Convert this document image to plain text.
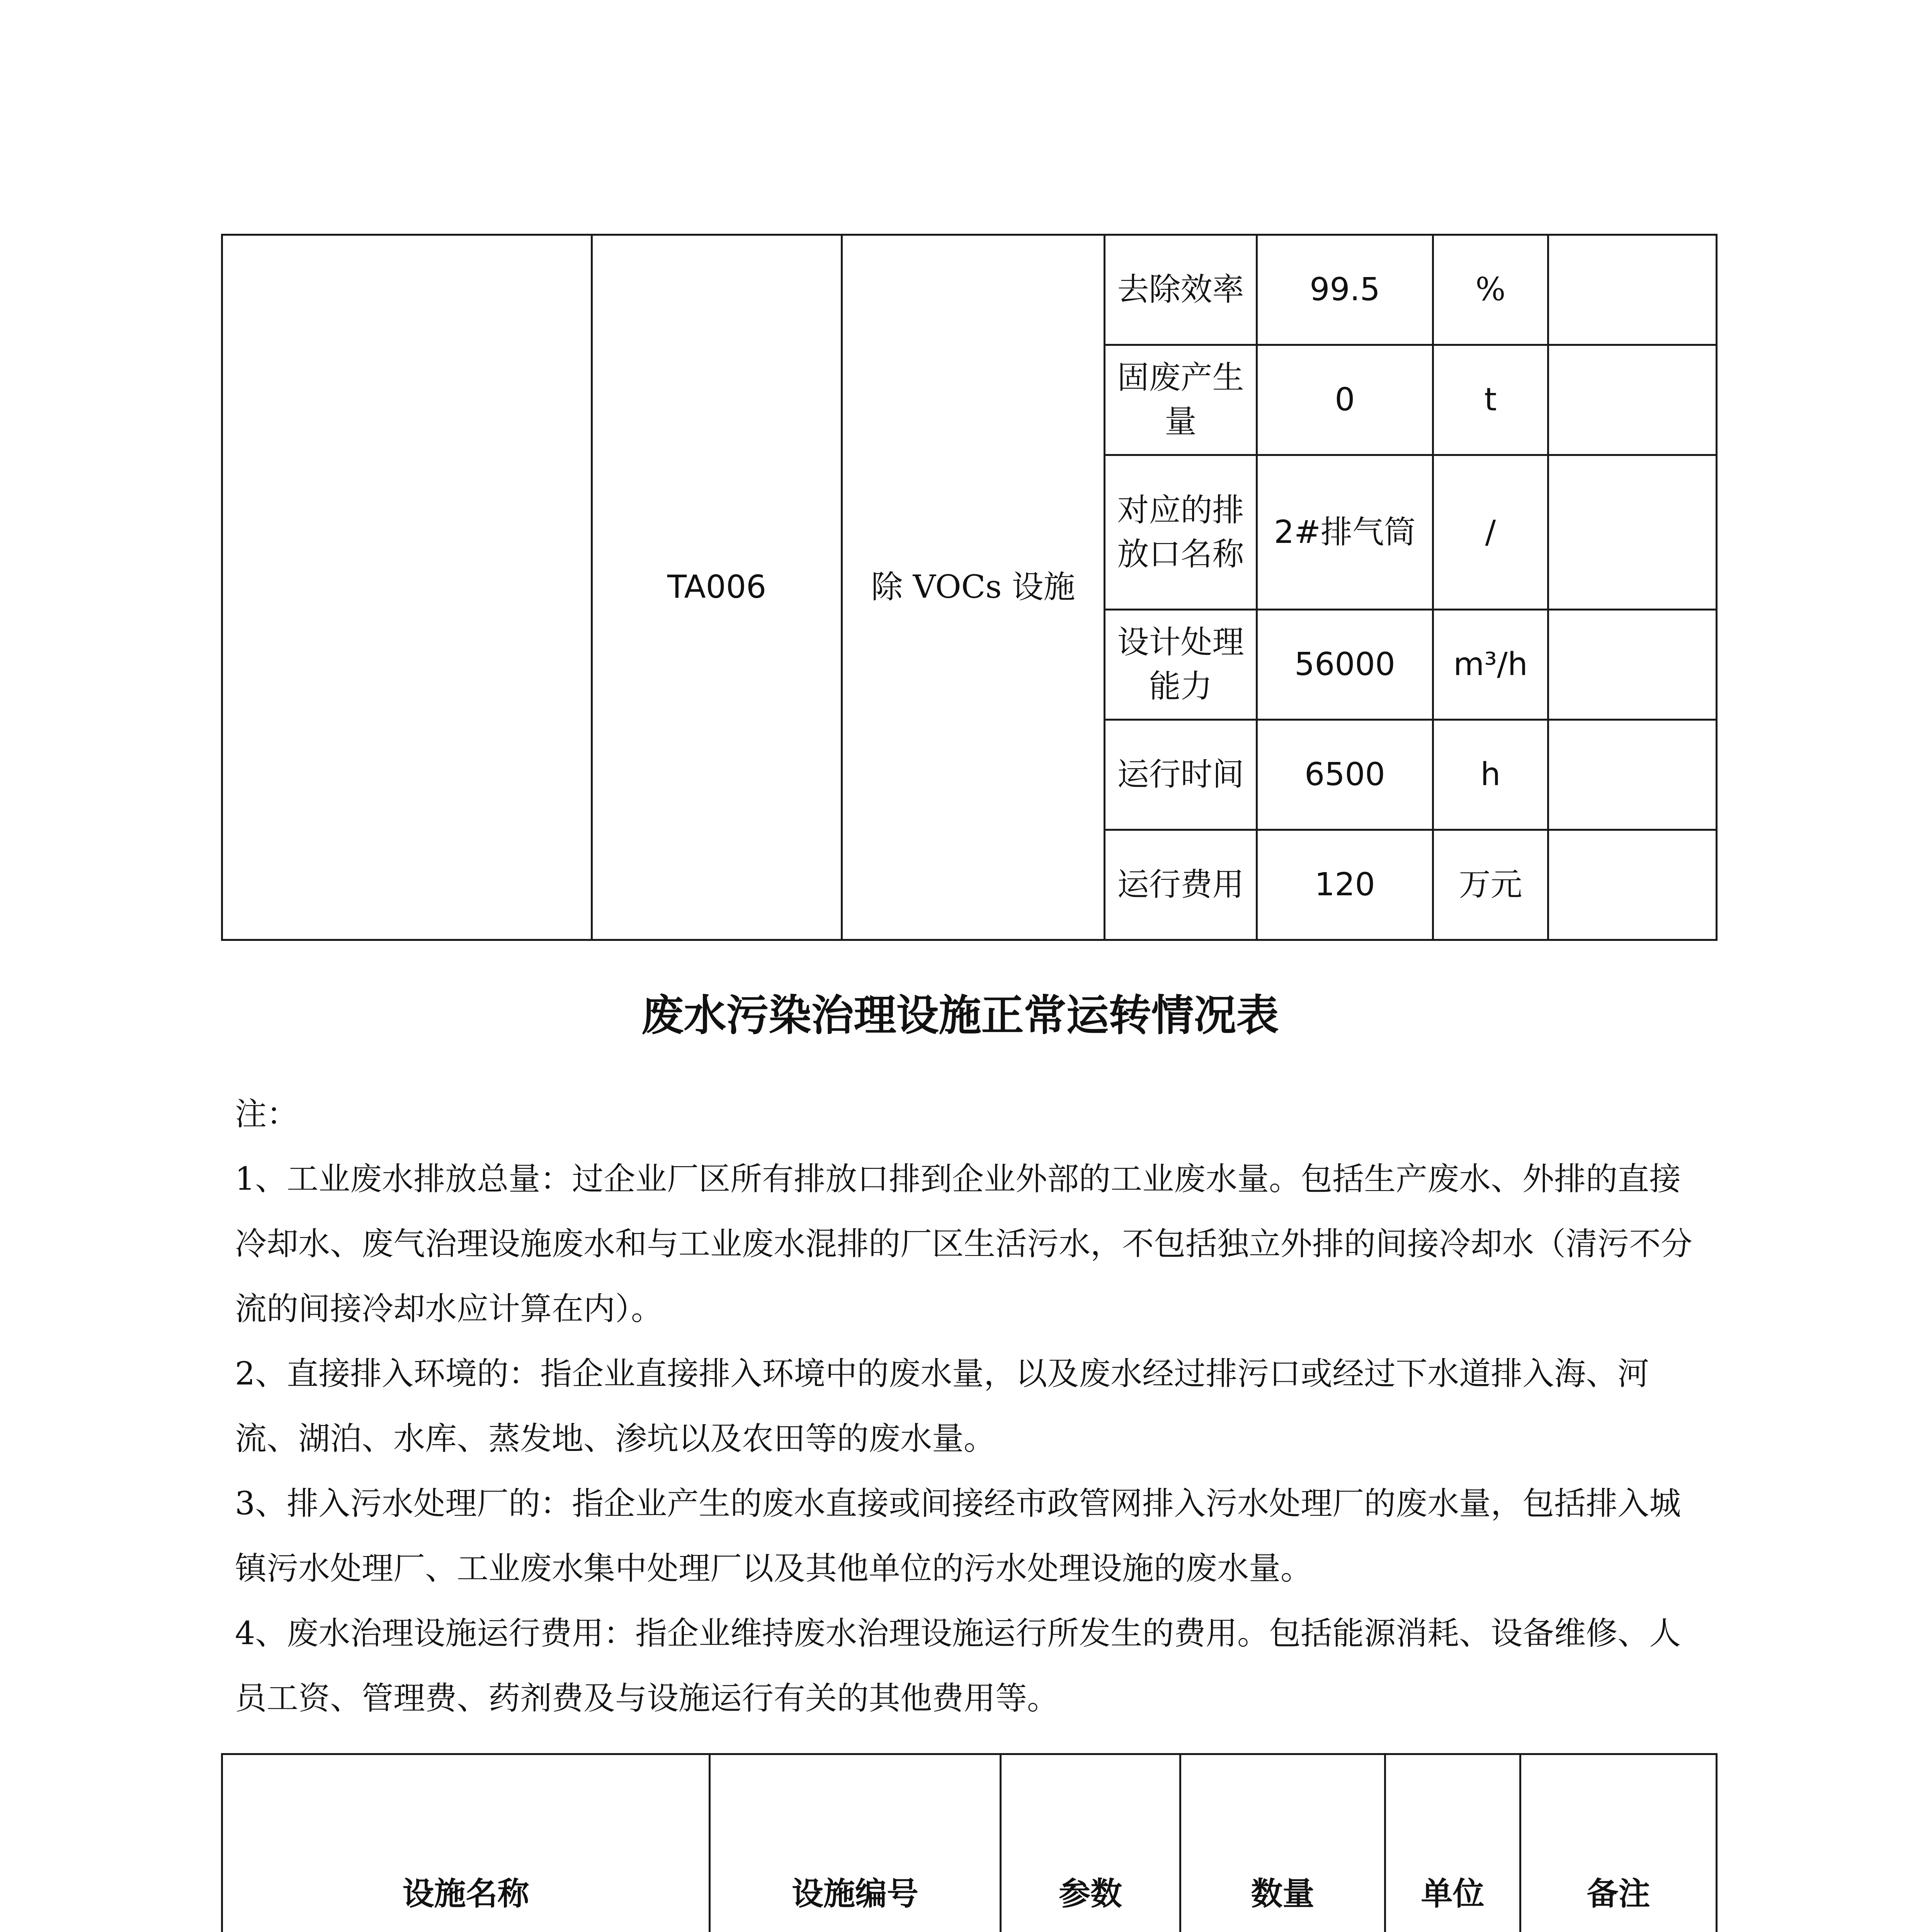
	TA006	除 VOCs 设施	去除效率	99.5	%	
			固废产生量	0	t	
			对应的排放口名称	2#排气筒	/	
			设计处理能力	56000	m³/h	
			运行时间	6500	h	
			运行费用	120	万元	
废水污染治理设施正常运转情况表

注：

1、工业废水排放总量：过企业厂区所有排放口排到企业外部的工业废水量。包括生产废水、外排的直接冷却水、废气治理设施废水和与工业废水混排的厂区生活污水，不包括独立外排的间接冷却水（清污不分流的间接冷却水应计算在内）。

2、直接排入环境的：指企业直接排入环境中的废水量，以及废水经过排污口或经过下水道排入海、河流、湖泊、水库、蒸发地、渗坑以及农田等的废水量。

3、排入污水处理厂的：指企业产生的废水直接或间接经市政管网排入污水处理厂的废水量，包括排入城镇污水处理厂、工业废水集中处理厂以及其他单位的污水处理设施的废水量。

4、废水治理设施运行费用：指企业维持废水治理设施运行所发生的费用。包括能源消耗、设备维修、人员工资、管理费、药剂费及与设施运行有关的其他费用等。

设施名称	设施编号	参数	数量	单位	备注
